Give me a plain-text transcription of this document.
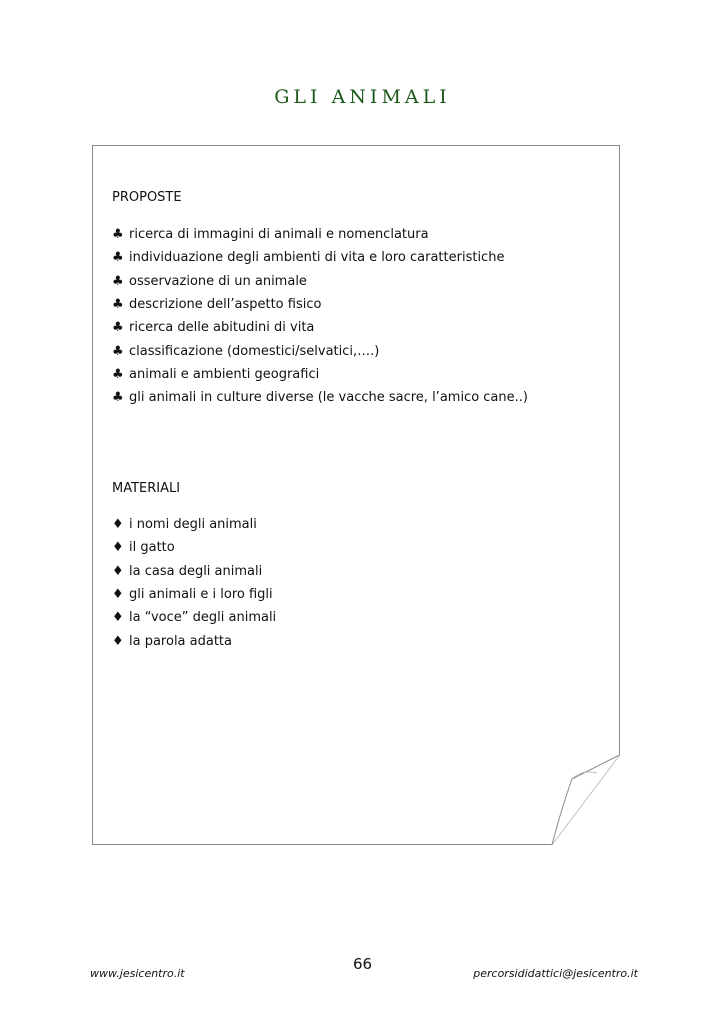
GLI ANIMALI
PROPOSTE
♣ ricerca di immagini di animali e nomenclatura
♣ individuazione degli ambienti di vita e loro caratteristiche
♣ osservazione di un animale
♣ descrizione dell’aspetto fisico
♣ ricerca delle abitudini di vita
♣ classificazione (domestici/selvatici,….)
♣ animali e ambienti geografici
♣ gli animali in culture diverse (le vacche sacre, l’amico cane..)
MATERIALI
♦ i nomi degli animali
♦ il gatto
♦ la casa degli animali
♦ gli animali e i loro figli
♦ la “voce” degli animali
♦ la parola adatta
66
www.jesicentro.it	percorsididattici@jesicentro.it
